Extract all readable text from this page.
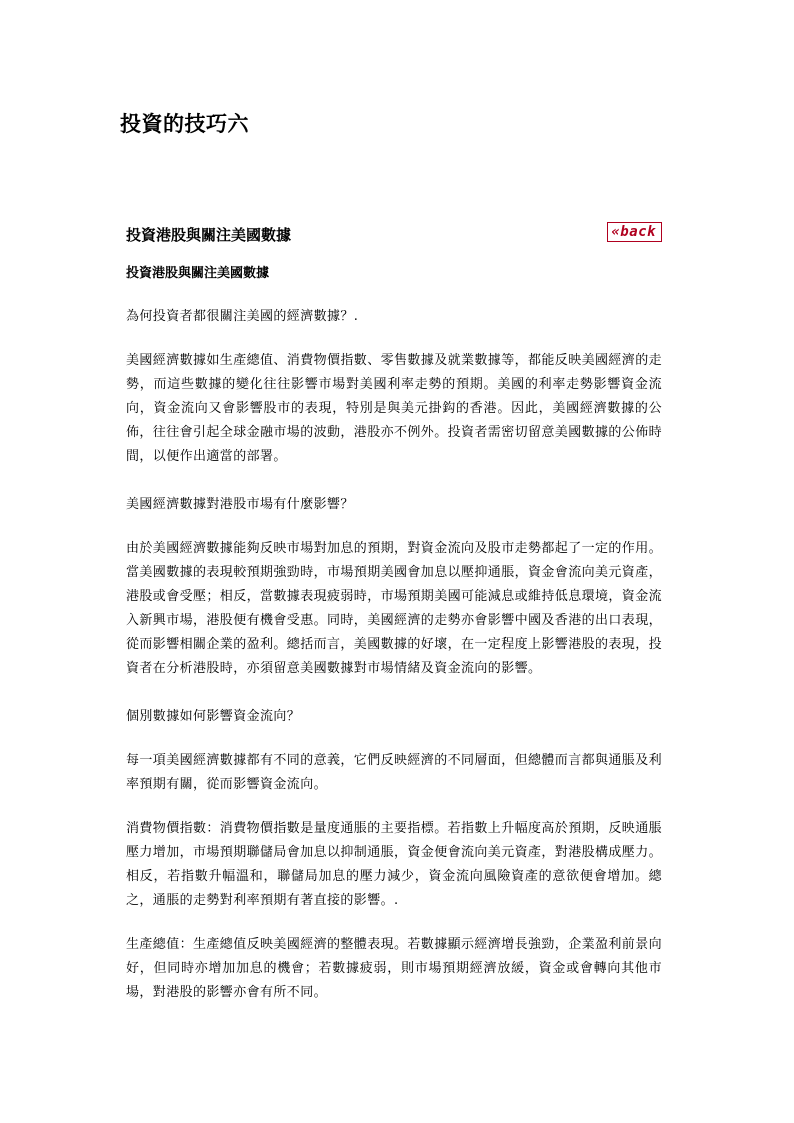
投資的技巧六
投資港股與關注美國數據	«back
投資港股與關注美國數據

為何投資者都很關注美國的經濟數據？.

美國經濟數據如生產總值、消費物價指數、零售數據及就業數據等，都能反映美國經濟的走勢，而這些數據的變化往往影響市場對美國利率走勢的預期。美國的利率走勢影響資金流向，資金流向又會影響股市的表現，特別是與美元掛鈎的香港。因此，美國經濟數據的公佈，往往會引起全球金融市場的波動，港股亦不例外。投資者需密切留意美國數據的公佈時間，以便作出適當的部署。

美國經濟數據對港股市場有什麼影響？

由於美國經濟數據能夠反映市場對加息的預期，對資金流向及股市走勢都起了一定的作用。當美國數據的表現較預期強勁時，市場預期美國會加息以壓抑通脹，資金會流向美元資產，港股或會受壓；相反，當數據表現疲弱時，市場預期美國可能減息或維持低息環境，資金流入新興市場，港股便有機會受惠。同時，美國經濟的走勢亦會影響中國及香港的出口表現，從而影響相關企業的盈利。總括而言，美國數據的好壞，在一定程度上影響港股的表現，投資者在分析港股時，亦須留意美國數據對市場情緒及資金流向的影響。

個別數據如何影響資金流向？

每一項美國經濟數據都有不同的意義，它們反映經濟的不同層面，但總體而言都與通脹及利率預期有關，從而影響資金流向。

消費物價指數：消費物價指數是量度通脹的主要指標。若指數上升幅度高於預期，反映通脹壓力增加，市場預期聯儲局會加息以抑制通脹，資金便會流向美元資產，對港股構成壓力。相反，若指數升幅溫和，聯儲局加息的壓力減少，資金流向風險資產的意欲便會增加。總之，通脹的走勢對利率預期有著直接的影響。.

生產總值：生產總值反映美國經濟的整體表現。若數據顯示經濟增長強勁，企業盈利前景向好，但同時亦增加加息的機會；若數據疲弱，則市場預期經濟放緩，資金或會轉向其他市場，對港股的影響亦會有所不同。
